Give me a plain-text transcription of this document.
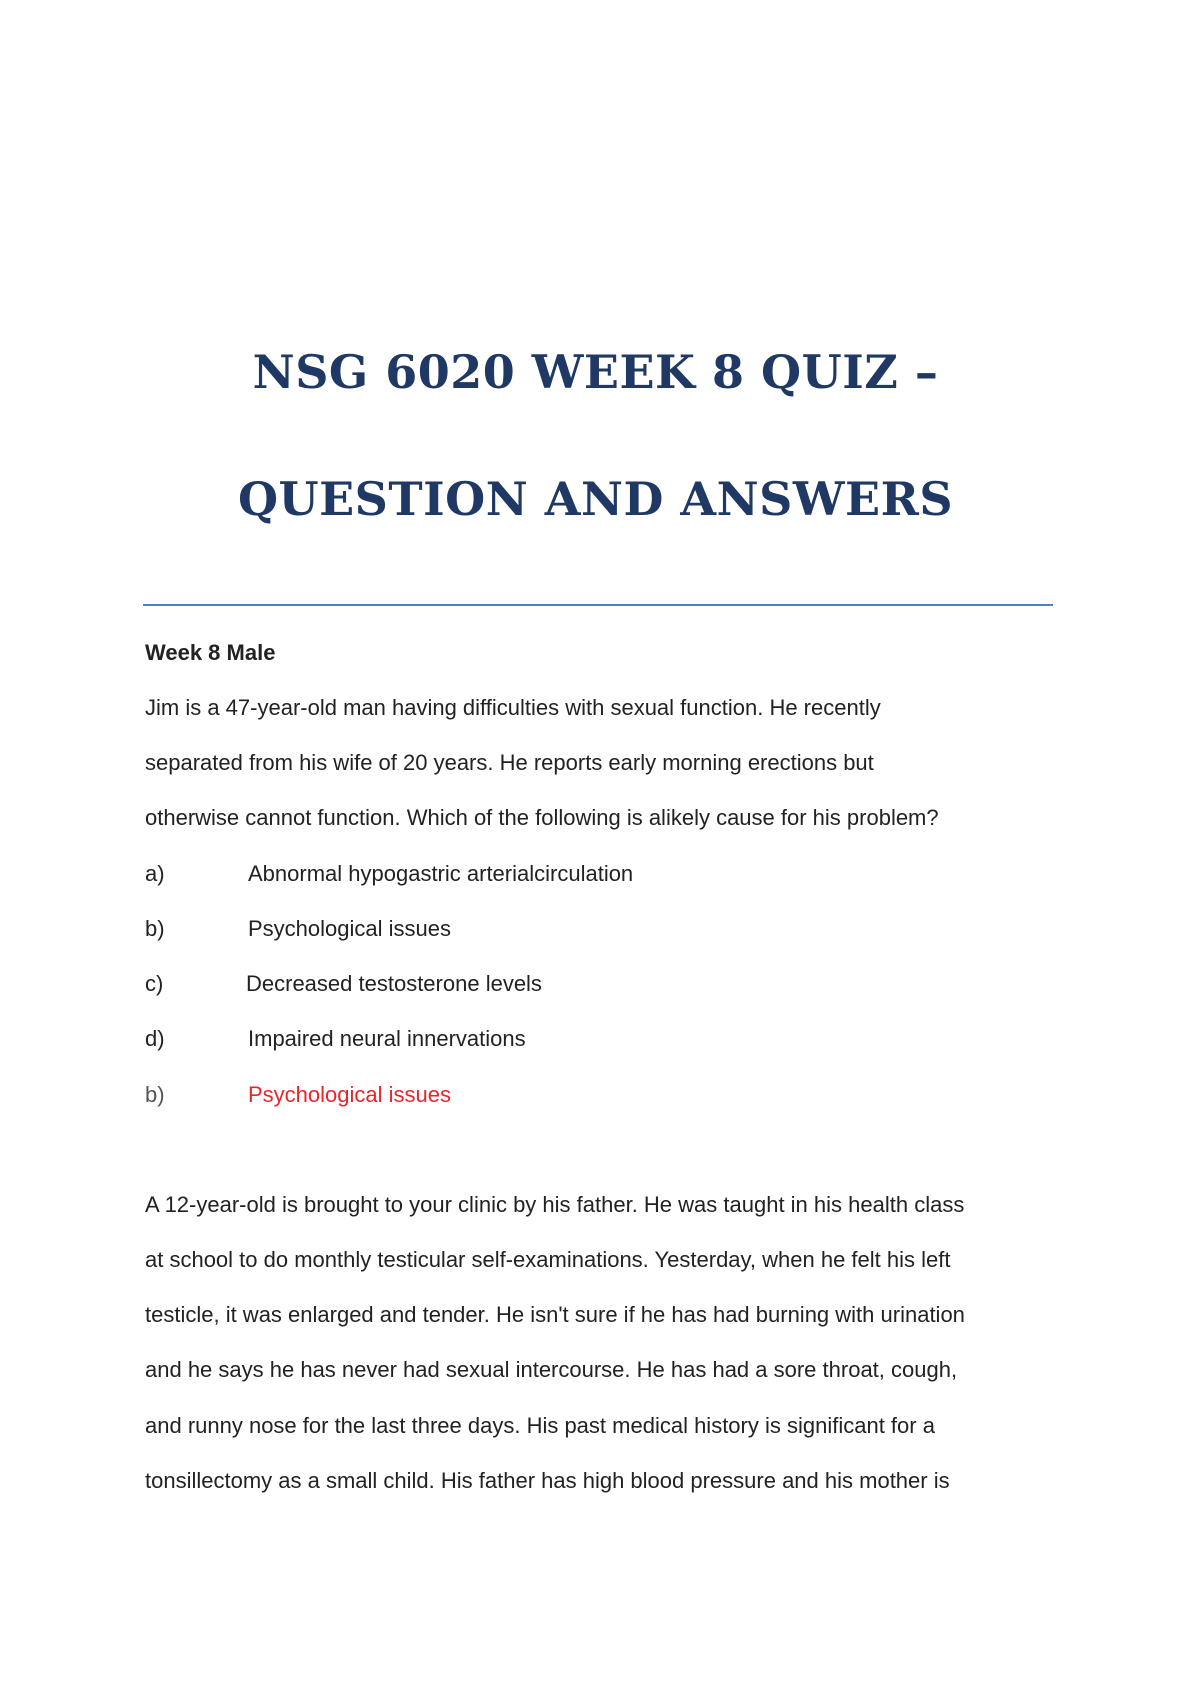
NSG 6020 WEEK 8 QUIZ –
QUESTION AND ANSWERS
Week 8 Male
Jim is a 47-year-old man having difficulties with sexual function. He recently
separated from his wife of 20 years. He reports early morning erections but
otherwise cannot function. Which of the following is alikely cause for his problem?
a)	Abnormal hypogastric arterialcirculation
b)	Psychological issues
c)	Decreased testosterone levels
d)	Impaired neural innervations
b)	Psychological issues
A 12-year-old is brought to your clinic by his father. He was taught in his health class
at school to do monthly testicular self-examinations. Yesterday, when he felt his left
testicle, it was enlarged and tender. He isn't sure if he has had burning with urination
and he says he has never had sexual intercourse. He has had a sore throat, cough,
and runny nose for the last three days. His past medical history is significant for a
tonsillectomy as a small child. His father has high blood pressure and his mother is
